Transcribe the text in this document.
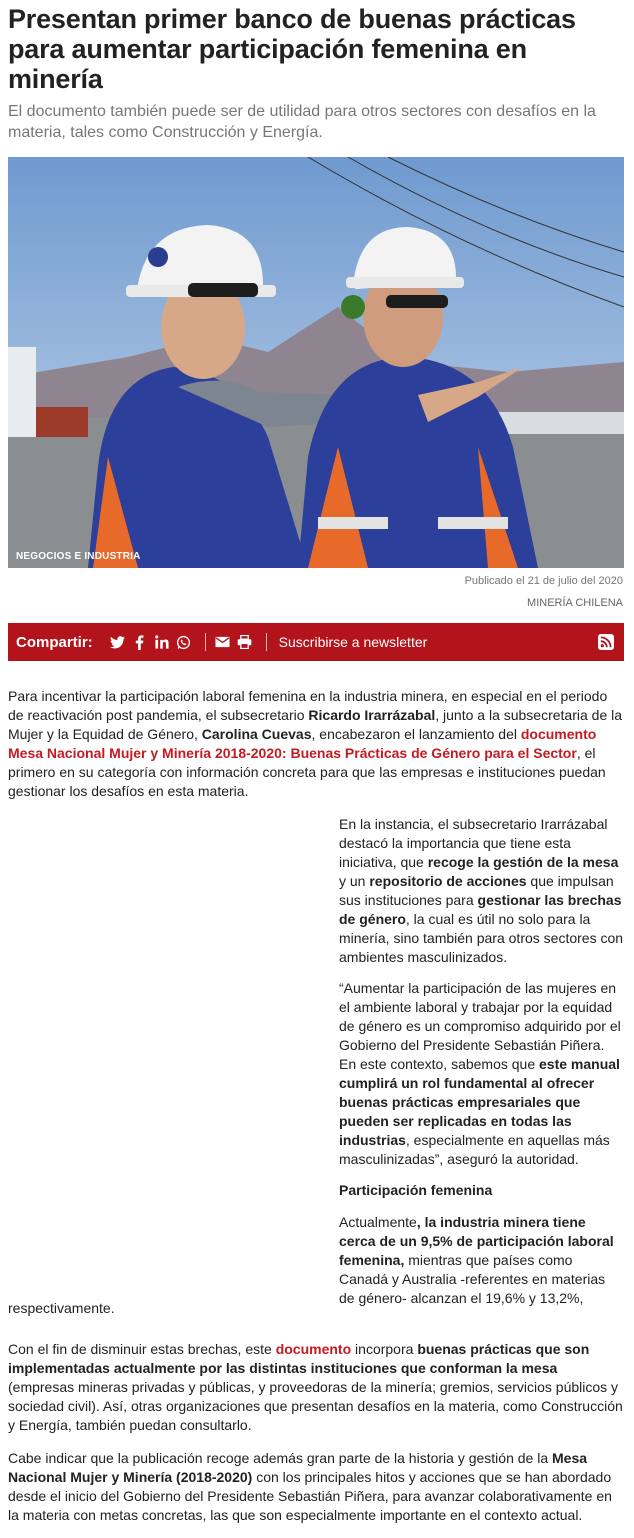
Presentan primer banco de buenas prácticas para aumentar participación femenina en minería
El documento también puede ser de utilidad para otros sectores con desafíos en la materia, tales como Construcción y Energía.
NEGOCIOS E INDUSTRIA
Publicado el 21 de julio del 2020
MINERÍA CHILENA
Compartir:	Suscribirse a newsletter

Para incentivar la participación laboral femenina en la industria minera, en especial en el periodo de reactivación post pandemia, el subsecretario Ricardo Irarrázabal, junto a la subsecretaria de la Mujer y la Equidad de Género, Carolina Cuevas, encabezaron el lanzamiento del documento Mesa Nacional Mujer y Minería 2018-2020: Buenas Prácticas de Género para el Sector, el primero en su categoría con información concreta para que las empresas e instituciones puedan gestionar los desafíos en esta materia.

En la instancia, el subsecretario Irarrázabal destacó la importancia que tiene esta iniciativa, que recoge la gestión de la mesa y un repositorio de acciones que impulsan sus instituciones para gestionar las brechas de género, la cual es útil no solo para la minería, sino también para otros sectores con ambientes masculinizados.

“Aumentar la participación de las mujeres en el ambiente laboral y trabajar por la equidad de género es un compromiso adquirido por el Gobierno del Presidente Sebastián Piñera. En este contexto, sabemos que este manual cumplirá un rol fundamental al ofrecer buenas prácticas empresariales que pueden ser replicadas en todas las industrias, especialmente en aquellas más masculinizadas”, aseguró la autoridad.

Participación femenina

Actualmente, la industria minera tiene cerca de un 9,5% de participación laboral femenina, mientras que países como Canadá y Australia -referentes en materias de género- alcanzan el 19,6% y 13,2%,

respectivamente.

Con el fin de disminuir estas brechas, este documento incorpora buenas prácticas que son implementadas actualmente por las distintas instituciones que conforman la mesa (empresas mineras privadas y públicas, y proveedoras de la minería; gremios, servicios públicos y sociedad civil). Así, otras organizaciones que presentan desafíos en la materia, como Construcción y Energía, también puedan consultarlo.

Cabe indicar que la publicación recoge además gran parte de la historia y gestión de la Mesa Nacional Mujer y Minería (2018-2020) con los principales hitos y acciones que se han abordado desde el inicio del Gobierno del Presidente Sebastián Piñera, para avanzar colaborativamente en la materia con metas concretas, las que son especialmente importante en el contexto actual.
